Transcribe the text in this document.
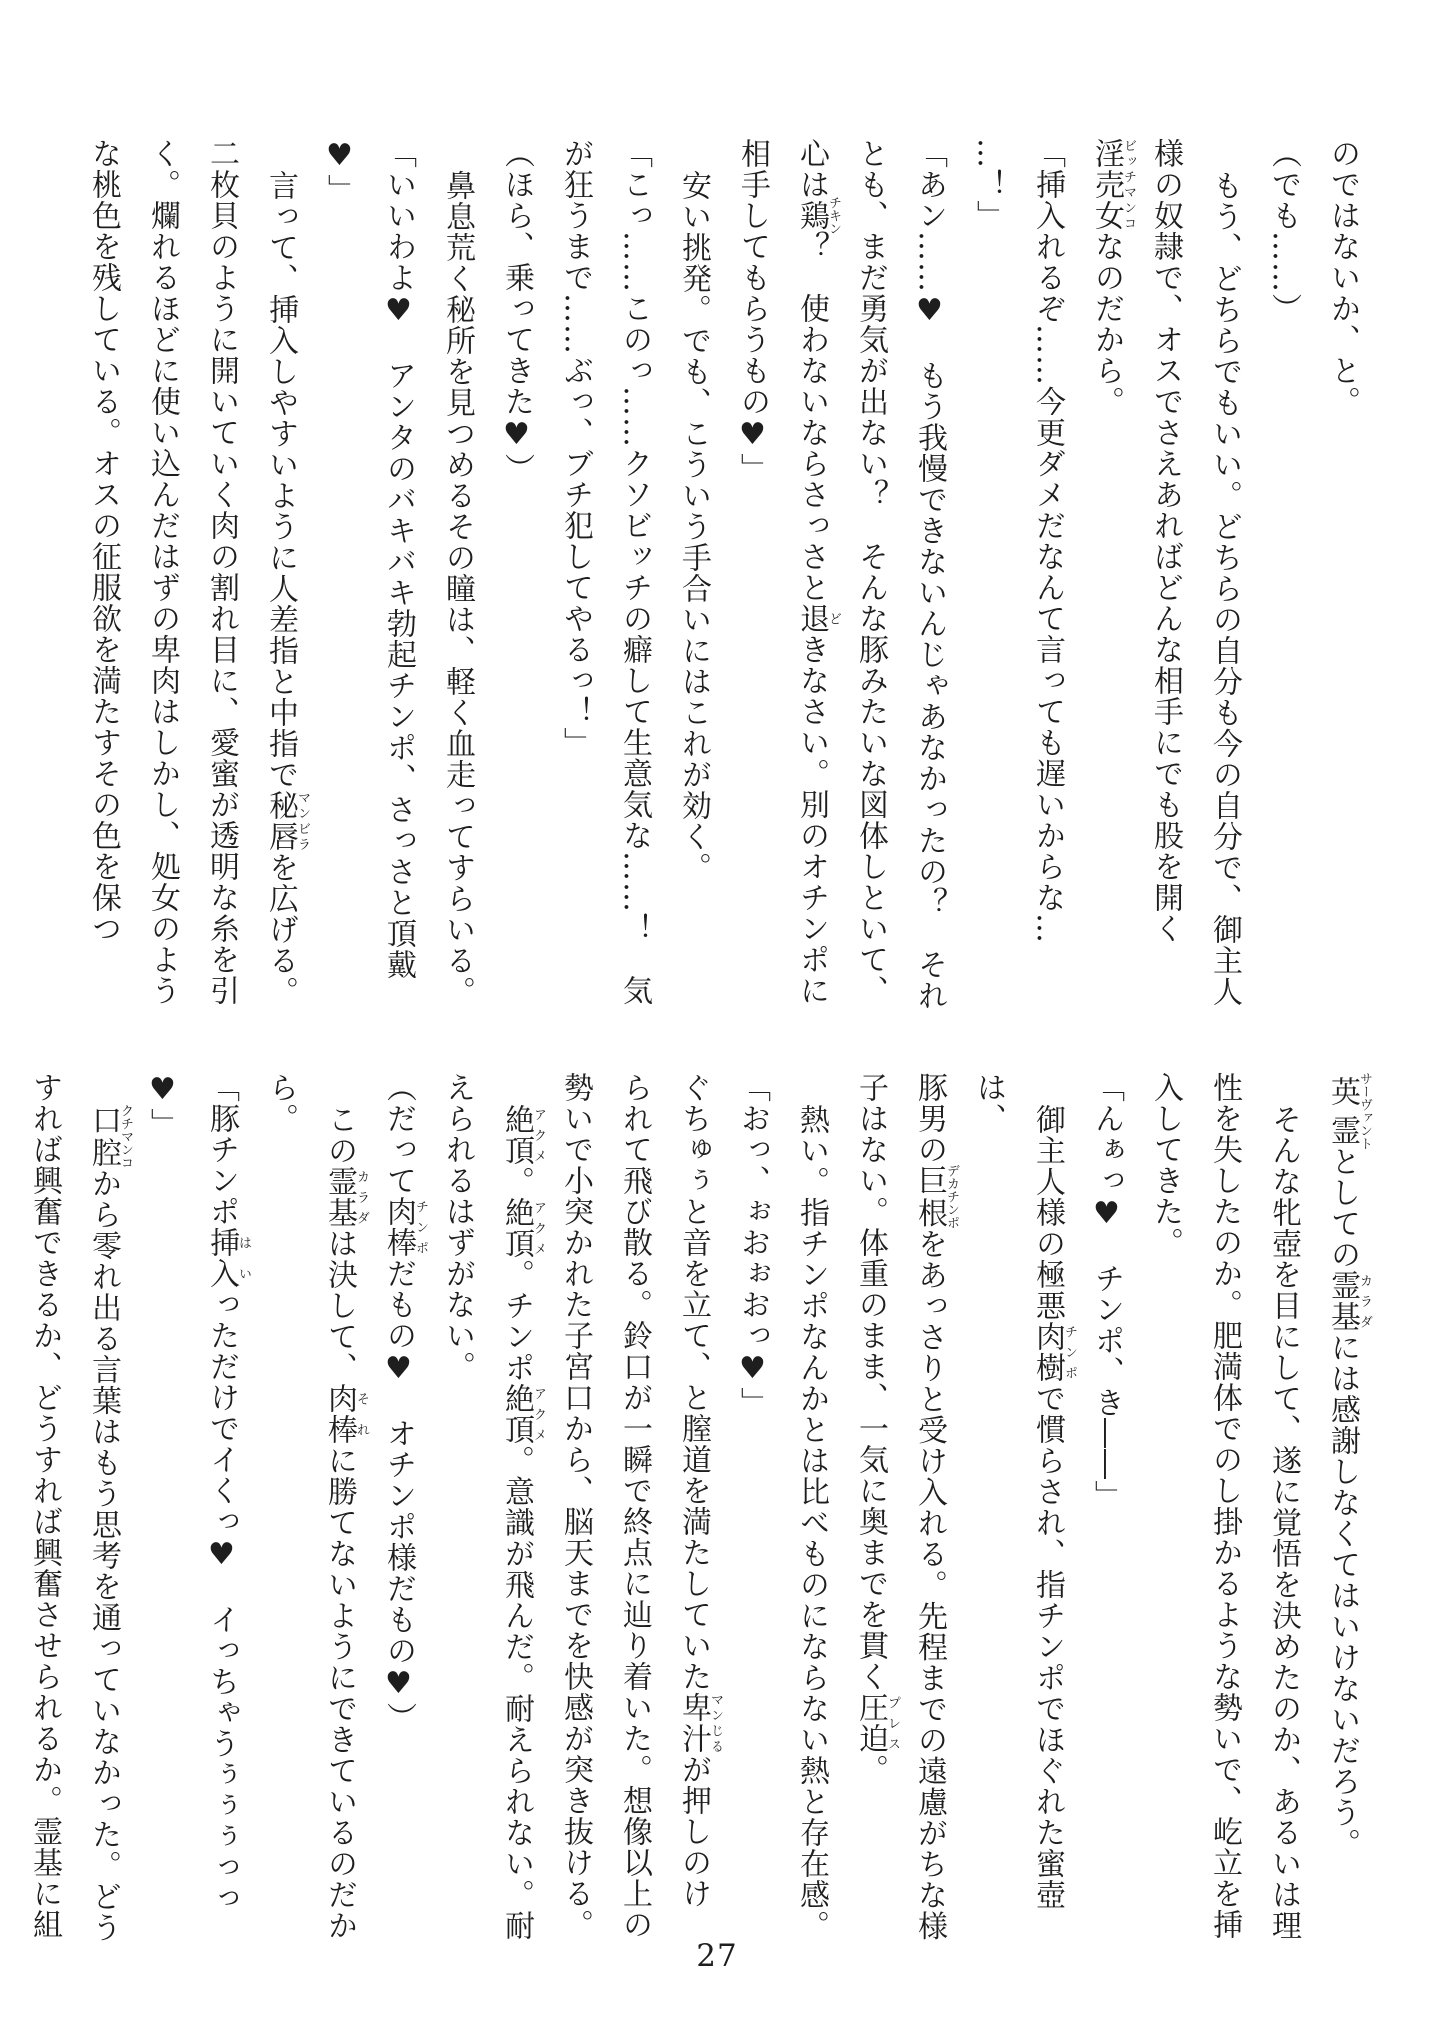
のではないか、と。

（でも……）

もう、どちらでもいい。どちらの自分も今の自分で、御主人

様の奴隷で、オスでさえあればどんな相手にでも股を開く

淫売女ビッチマンコなのだから。

「挿入れるぞ……今更ダメだなんて言っても遅いからな…

…！」

「あン……♥　もう我慢できないんじゃあなかったの？　それ

とも、まだ勇気が出ない？　そんな豚みたいな図体しといて、

心は鶏チキン？　使わないならさっさと退どきなさい。別のオチンポに

相手してもらうもの♥」

安い挑発。でも、こういう手合いにはこれが効く。

「こっ……このっ……クソビッチの癖して生意気な……！　気

が狂うまで……ぶっ、ブチ犯してやるっ！」

（ほら、乗ってきた♥）

鼻息荒く秘所を見つめるその瞳は、軽く血走ってすらいる。

「いいわよ♥　アンタのバキバキ勃起チンポ、さっさと頂戴

♥」

言って、挿入しやすいように人差指と中指で秘唇マンビラを広げる。

二枚貝のように開いていく肉の割れ目に、愛蜜が透明な糸を引

く。爛れるほどに使い込んだはずの卑肉はしかし、処女のよう

な桃色を残している。オスの征服欲を満たすその色を保つ

英霊サーヴァントとしての霊基カラダには感謝しなくてはいけないだろう。

そんな牝壺を目にして、遂に覚悟を決めたのか、あるいは理

性を失したのか。肥満体でのし掛かるような勢いで、屹立を挿

入してきた。

「んぁっ♥　チンポ、き――」

御主人様の極悪肉樹チンポで慣らされ、指チンポでほぐれた蜜壺は、

豚男の巨根デカチンポをあっさりと受け入れる。先程までの遠慮がちな様

子はない。体重のまま、一気に奥までを貫く圧迫プレス。

熱い。指チンポなんかとは比べものにならない熱と存在感。

「おっ、ぉおぉおっ♥」

ぐちゅぅと音を立て、と膣道を満たしていた卑汁マンじるが押しのけ

られて飛び散る。鈴口が一瞬で終点に辿り着いた。想像以上の

勢いで小突かれた子宮口から、脳天までを快感が突き抜ける。

絶頂アクメ。絶頂アクメ。チンポ絶頂アクメ。意識が飛んだ。耐えられない。耐

えられるはずがない。

（だって肉棒チンポだもの♥　オチンポ様だもの♥）

この霊基カラダは決して、肉棒それに勝てないようにできているのだか

ら。

「豚チンポ挿入はいっただけでイくっ♥　イっちゃうぅぅぅっっ

♥」

口腔クチマンコから零れ出る言葉はもう思考を通っていなかった。どう

すれば興奮できるか、どうすれば興奮させられるか。霊基に組

27
